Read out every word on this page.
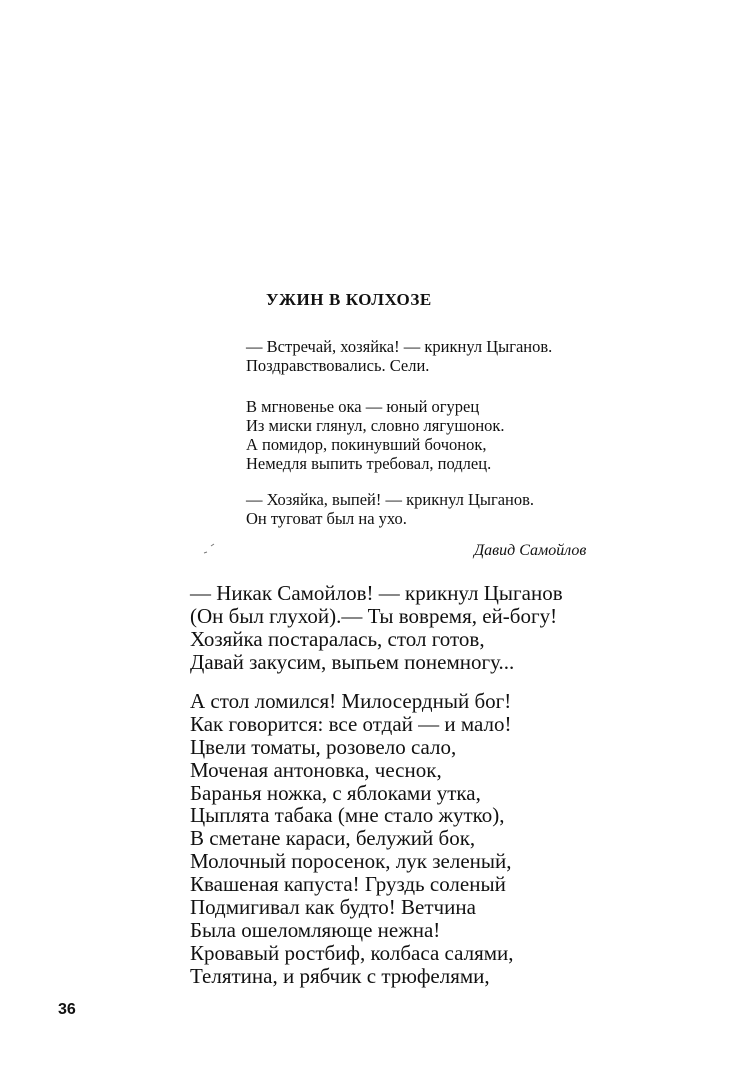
УЖИН В КОЛХОЗЕ
— Встречай, хозяйка! — крикнул Цыганов.
Поздравствовались. Сели.
В мгновенье ока — юный огурец
Из миски глянул, словно лягушонок.
А помидор, покинувший бочонок,
Немедля выпить требовал, подлец.
— Хозяйка, выпей! — крикнул Цыганов.
Он туговат был на ухо.
Давид Самойлов
— Никак Самойлов! — крикнул Цыганов
(Он был глухой).— Ты вовремя, ей-богу!
Хозяйка постаралась, стол готов,
Давай закусим, выпьем понемногу...
А стол ломился! Милосердный бог!
Как говорится: все отдай — и мало!
Цвели томаты, розовело сало,
Моченая антоновка, чеснок,
Баранья ножка, с яблоками утка,
Цыплята табака (мне стало жутко),
В сметане караси, белужий бок,
Молочный поросенок, лук зеленый,
Квашеная капуста! Груздь соленый
Подмигивал как будто! Ветчина
Была ошеломляюще нежна!
Кровавый ростбиф, колбаса салями,
Телятина, и рябчик с трюфелями,
36
